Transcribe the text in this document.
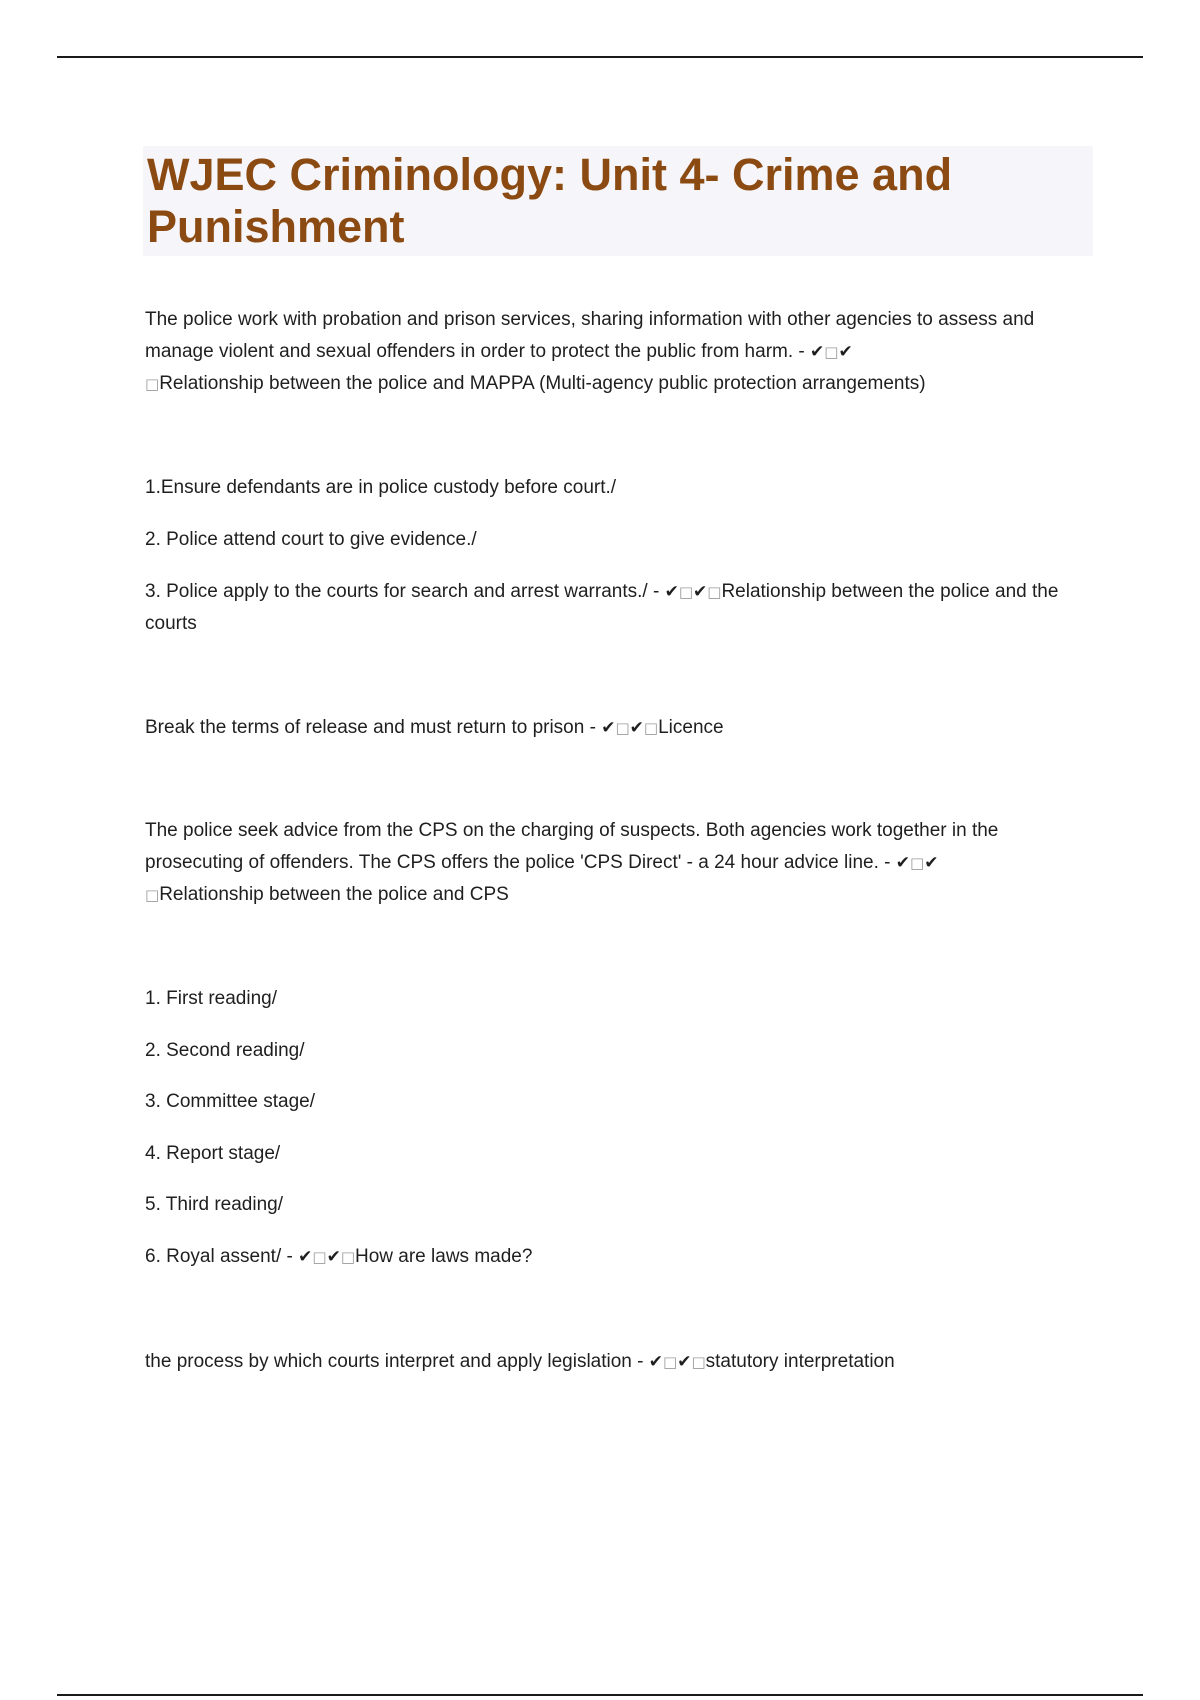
WJEC Criminology: Unit 4- Crime and Punishment

The police work with probation and prison services, sharing information with other agencies to assess and manage violent and sexual offenders in order to protect the public from harm. - ✔□✔
□Relationship between the police and MAPPA (Multi-agency public protection arrangements)

1.Ensure defendants are in police custody before court./

2. Police attend court to give evidence./

3. Police apply to the courts for search and arrest warrants./ - ✔□✔□Relationship between the police and the courts

Break the terms of release and must return to prison - ✔□✔□Licence

The police seek advice from the CPS on the charging of suspects. Both agencies work together in the prosecuting of offenders. The CPS offers the police 'CPS Direct' - a 24 hour advice line. - ✔□✔
□Relationship between the police and CPS

1. First reading/

2. Second reading/

3. Committee stage/

4. Report stage/

5. Third reading/

6. Royal assent/ - ✔□✔□How are laws made?

the process by which courts interpret and apply legislation - ✔□✔□statutory interpretation
